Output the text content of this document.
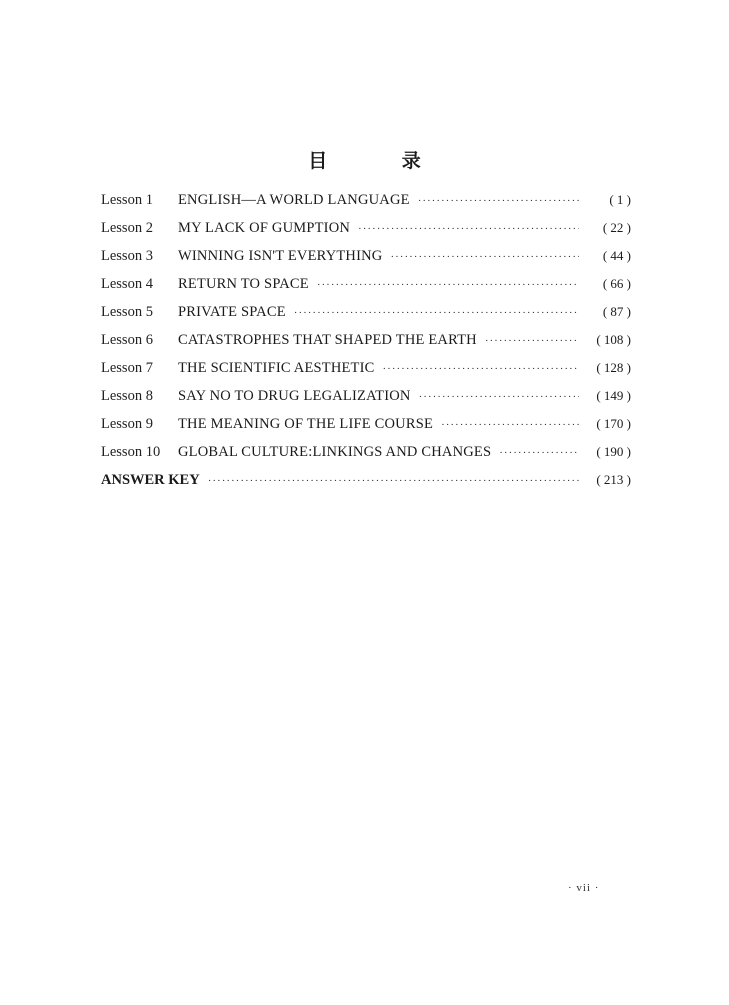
目 录
Lesson 1	ENGLISH—A WORLD LANGUAGE ·····	( 1 )
Lesson 2	MY LACK OF GUMPTION ·····	( 22 )
Lesson 3	WINNING ISN'T EVERYTHING ·····	( 44 )
Lesson 4	RETURN TO SPACE ·····	( 66 )
Lesson 5	PRIVATE SPACE ·····	( 87 )
Lesson 6	CATASTROPHES THAT SHAPED THE EARTH ·····	( 108 )
Lesson 7	THE SCIENTIFIC AESTHETIC ·····	( 128 )
Lesson 8	SAY NO TO DRUG LEGALIZATION ·····	( 149 )
Lesson 9	THE MEANING OF THE LIFE COURSE ·····	( 170 )
Lesson 10	GLOBAL CULTURE:LINKINGS AND CHANGES ·····	( 190 )
ANSWER KEY ·····	( 213 )
· vii ·
